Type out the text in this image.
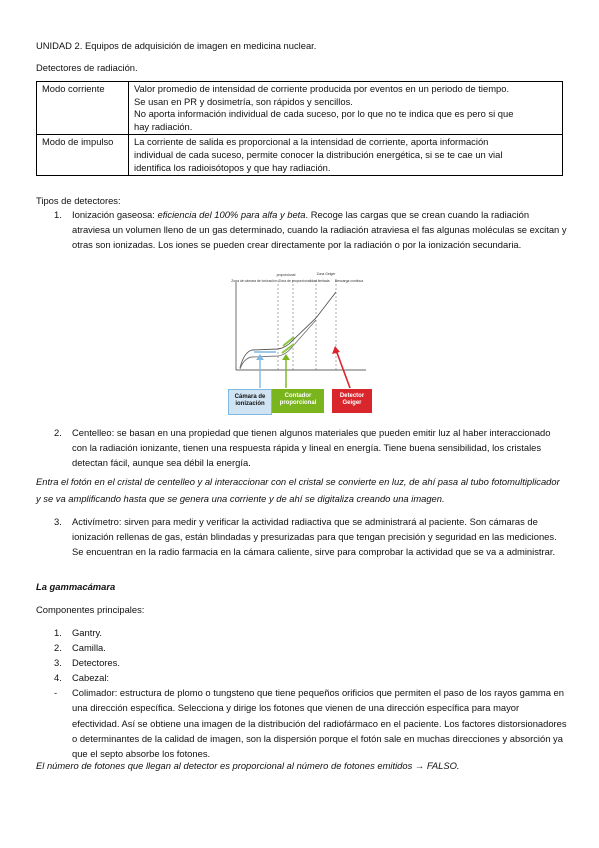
UNIDAD 2. Equipos de adquisición de imagen en medicina nuclear.
Detectores de radiación.
Modo corriente	Valor promedio de intensidad de corriente producida por eventos en un periodo de tiempo.
Se usan en PR y dosimetría, son rápidos y sencillos.
No aporta información individual de cada suceso, por lo que no te indica que es pero si que
hay radiación.

Modo de impulso	La corriente de salida es proporcional a la intensidad de corriente, aporta información
individual de cada suceso, permite conocer la distribución energética, si se te cae un vial
identifica los radioisótopos y que hay radiación.
Tipos de detectores:
1. Ionización gaseosa: eficiencia del 100% para alfa y beta. Recoge las cargas que se crean cuando la radiación atraviesa un volumen lleno de un gas determinado, cuando la radiación atraviesa el fas algunas moléculas se excitan y otras son ionizadas. Los iones se pueden crear directamente por la radiación o por la ionización secundaria.

Zona de cámara de ionización
proporcional
Zona de proporcionalidad limitada
Zona Geiger
Descarga continua
Cámara de ionización
Contador proporcional
Detector Geiger
2. Centelleo: se basan en una propiedad que tienen algunos materiales que pueden emitir luz al haber interaccionado con la radiación ionizante, tienen una respuesta rápida y lineal en energía. Tiene buena sensibilidad, los cristales detectan fácil, aunque sea débil la energía.

Entra el fotón en el cristal de centelleo y al interaccionar con el cristal se convierte en luz, de ahí pasa al tubo fotomultiplicador y se va amplificando hasta que se genera una corriente y de ahí se digitaliza creando una imagen.

3. Activímetro: sirven para medir y verificar la actividad radiactiva que se administrará al paciente. Son cámaras de ionización rellenas de gas, están blindadas y presurizadas para que tengan precisión y seguridad en las mediciones. Se encuentran en la radio farmacia en la cámara caliente, sirve para comprobar la actividad que se va a administrar.

La gammacámara
Componentes principales:
1. Gantry.
2. Camilla.
3. Detectores.
4. Cabezal:
- Colimador: estructura de plomo o tungsteno que tiene pequeños orificios que permiten el paso de los rayos gamma en una dirección específica. Selecciona y dirige los fotones que vienen de una dirección específica para mayor efectividad. Así se obtiene una imagen de la distribución del radiofármaco en el paciente. Los factores distorsionadores o determinantes de la calidad de imagen, son la dispersión porque el fotón sale en muchas direcciones y absorción ya que el septo absorbe los fotones.

El número de fotones que llegan al detector es proporcional al número de fotones emitidos → FALSO.
